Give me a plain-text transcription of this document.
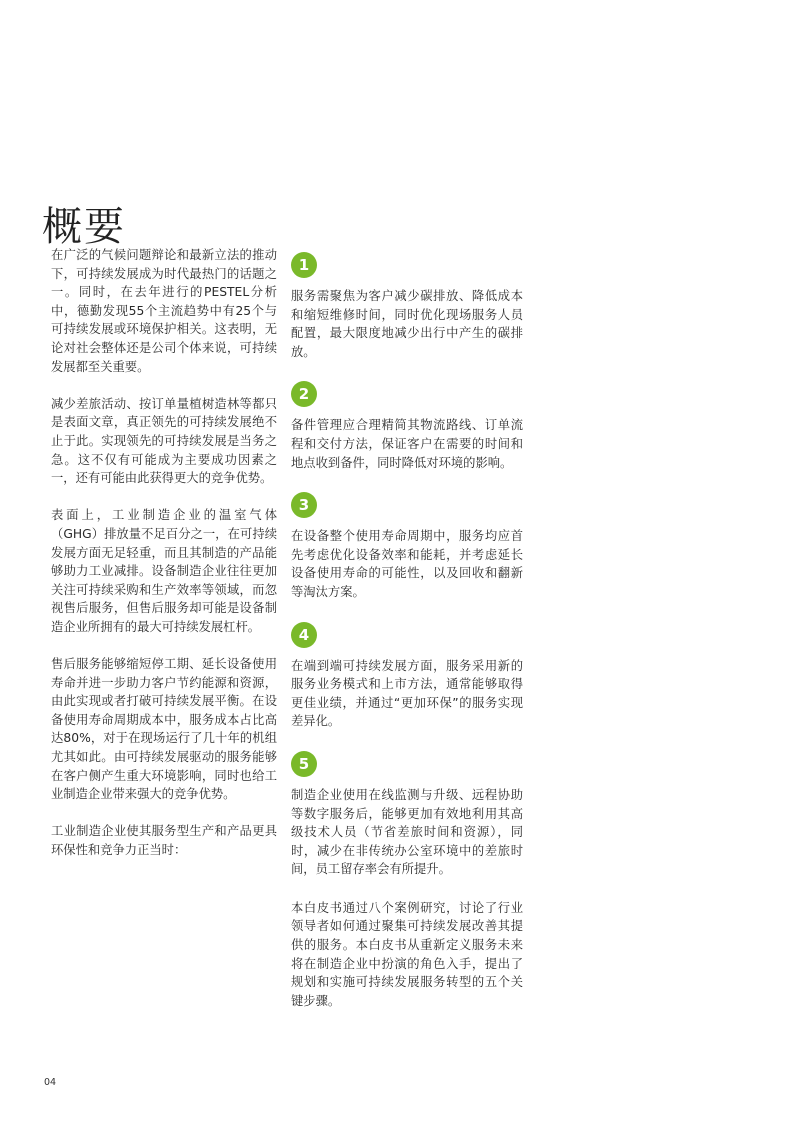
概要

在广泛的气候问题辩论和最新立法的推动下，可持续发展成为时代最热门的话题之一。同时，在去年进行的PESTEL分析中，德勤发现55个主流趋势中有25个与可持续发展或环境保护相关。这表明，无论对社会整体还是公司个体来说，可持续发展都至关重要。

减少差旅活动、按订单量植树造林等都只是表面文章，真正领先的可持续发展绝不止于此。实现领先的可持续发展是当务之急。这不仅有可能成为主要成功因素之一，还有可能由此获得更大的竞争优势。

表面上，工业制造企业的温室气体（GHG）排放量不足百分之一，在可持续发展方面无足轻重，而且其制造的产品能够助力工业减排。设备制造企业往往更加关注可持续采购和生产效率等领域，而忽视售后服务，但售后服务却可能是设备制造企业所拥有的最大可持续发展杠杆。

售后服务能够缩短停工期、延长设备使用寿命并进一步助力客户节约能源和资源，由此实现或者打破可持续发展平衡。在设备使用寿命周期成本中，服务成本占比高达80%，对于在现场运行了几十年的机组尤其如此。由可持续发展驱动的服务能够在客户侧产生重大环境影响，同时也给工业制造企业带来强大的竞争优势。

工业制造企业使其服务型生产和产品更具环保性和竞争力正当时：

1

服务需聚焦为客户减少碳排放、降低成本和缩短维修时间，同时优化现场服务人员配置，最大限度地减少出行中产生的碳排放。

2

备件管理应合理精简其物流路线、订单流程和交付方法，保证客户在需要的时间和地点收到备件，同时降低对环境的影响。

3

在设备整个使用寿命周期中，服务均应首先考虑优化设备效率和能耗，并考虑延长设备使用寿命的可能性，以及回收和翻新等淘汰方案。

4

在端到端可持续发展方面，服务采用新的服务业务模式和上市方法，通常能够取得更佳业绩，并通过“更加环保”的服务实现差异化。

5

制造企业使用在线监测与升级、远程协助等数字服务后，能够更加有效地利用其高级技术人员（节省差旅时间和资源），同时，减少在非传统办公室环境中的差旅时间，员工留存率会有所提升。

本白皮书通过八个案例研究，讨论了行业领导者如何通过聚集可持续发展改善其提供的服务。本白皮书从重新定义服务未来将在制造企业中扮演的角色入手，提出了规划和实施可持续发展服务转型的五个关键步骤。

04
